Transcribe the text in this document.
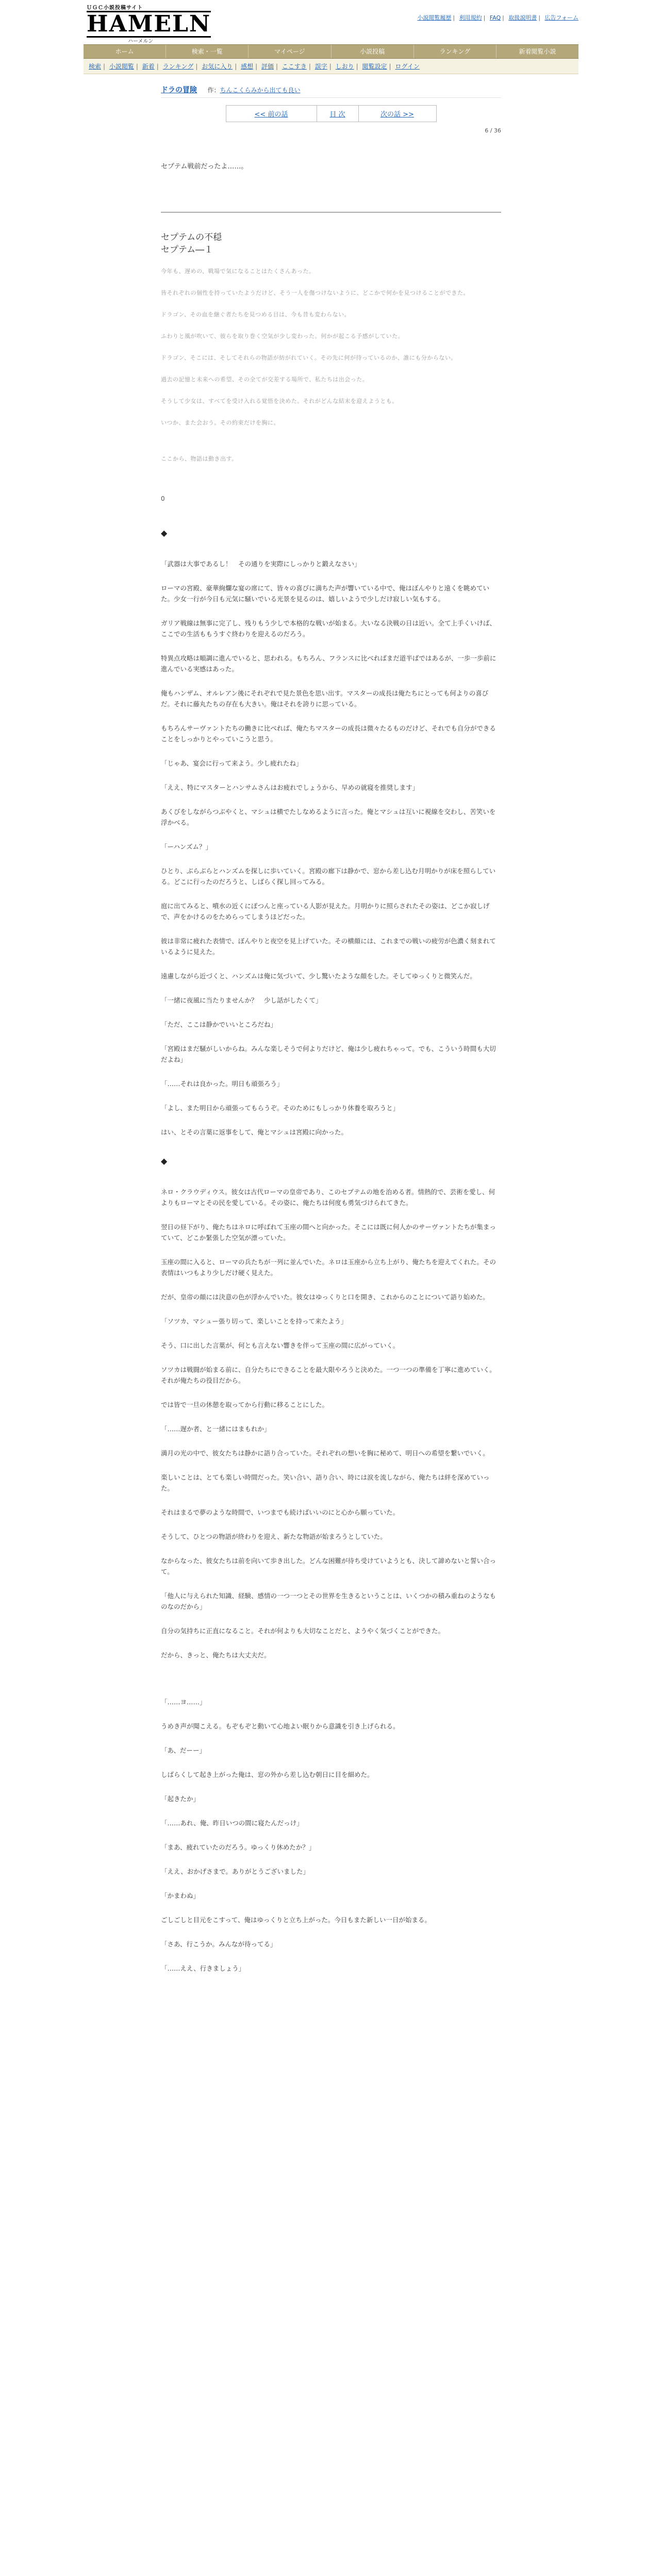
ＵＧＣ小説投稿サイト
HAMELN
ハーメルン
小説閲覧履歴 | 利用規約 | FAQ | 取扱説明書 | 広告フォーム
ホーム	検索・一覧	マイページ	小説投稿	ランキング	新着閲覧小説
検索 | 小説閲覧 | 新着 | ランキング | お気に入り | 感想 | 評価 | ここすき | 誤字 | しおり | 閲覧設定 | ログイン
ドラの冒険 作：ちんこくらみから出ても良い
<< 前の話	目 次	次の話 >>
6 / 36
セプテム戦前だったよ……。
セプテムの不穏
セプテム―１

今年も、遅めの、戦場で気になることはたくさんあった。

皆それぞれの個性を持っていたようだけど、そう一人を傷つけないように、どこかで何かを見つけることができた。

ドラゴン、その血を継ぐ者たちを見つめる目は、今も昔も変わらない。

ふわりと風が吹いて、彼らを取り巻く空気が少し変わった。何かが起こる予感がしていた。

ドラゴン、そこには、そしてそれらの物語が紡がれていく。その先に何が待っているのか、誰にも分からない。

過去の記憶と未来への希望、その全てが交差する場所で、私たちは出会った。

そうして少女は、すべてを受け入れる覚悟を決めた。それがどんな結末を迎えようとも。

いつか、また会おう。その約束だけを胸に。

ここから、物語は動き出す。

0
◆

「武器は大事であるし！　その通りを実際にしっかりと鍛えなさい」

ローマの宮殿、豪華絢爛な宴の席にて、皆々の喜びに満ちた声が響いている中で、俺はぼんやりと遠くを眺めていた。少女一行が今日も元気に騒いでいる光景を見るのは、嬉しいようで少しだけ寂しい気もする。

ガリア戦線は無事に完了し、残りもう少しで本格的な戦いが始まる。大いなる決戦の日は近い。全て上手くいけば、ここでの生活ももうすぐ終わりを迎えるのだろう。

特異点攻略は順調に進んでいると、思われる。もちろん、フランスに比べればまだ道半ばではあるが、一歩一歩前に進んでいる実感はあった。

俺もハンザム、オルレアン後にそれぞれで見た景色を思い出す。マスターの成長は俺たちにとっても何よりの喜びだ。それに藤丸たちの存在も大きい。俺はそれを誇りに思っている。

もちろんサーヴァントたちの働きに比べれば、俺たちマスターの成長は微々たるものだけど、それでも自分ができることをしっかりとやっていこうと思う。

「じゃあ、宴会に行って来よう。少し疲れたね」

「ええ、特にマスターとハンサムさんはお疲れでしょうから、早めの就寝を推奨します」

あくびをしながらつぶやくと、マシュは横でたしなめるように言った。俺とマシュは互いに視線を交わし、苦笑いを浮かべる。

「ーハンズム？」

ひとり、ぶらぶらとハンズムを探しに歩いていく。宮殿の廊下は静かで、窓から差し込む月明かりが床を照らしている。どこに行ったのだろうと、しばらく探し回ってみる。

庭に出てみると、噴水の近くにぽつんと座っている人影が見えた。月明かりに照らされたその姿は、どこか寂しげで、声をかけるのをためらってしまうほどだった。

彼は非常に疲れた表情で、ぼんやりと夜空を見上げていた。その横顔には、これまでの戦いの疲労が色濃く刻まれているように見えた。

遠慮しながら近づくと、ハンズムは俺に気づいて、少し驚いたような顔をした。そしてゆっくりと微笑んだ。

「一緒に夜風に当たりませんか？　少し話がしたくて」

「ただ、ここは静かでいいところだね」

「宮殿はまだ騒がしいからね。みんな楽しそうで何よりだけど、俺は少し疲れちゃって。でも、こういう時間も大切だよね」

「……それは良かった。明日も頑張ろう」

「よし、また明日から頑張ってもらうぞ。そのためにもしっかり休養を取ろうと」

はい、とその言葉に返事をして、俺とマシュは宮殿に向かった。

◆

ネロ・クラウディウス。彼女は古代ローマの皇帝であり、このセプテムの地を治める者。情熱的で、芸術を愛し、何よりもローマとその民を愛している。その姿に、俺たちは何度も勇気づけられてきた。

翌日の昼下がり、俺たちはネロに呼ばれて玉座の間へと向かった。そこには既に何人かのサーヴァントたちが集まっていて、どこか緊張した空気が漂っていた。

玉座の間に入ると、ローマの兵たちが一列に並んでいた。ネロは玉座から立ち上がり、俺たちを迎えてくれた。その表情はいつもより少しだけ硬く見えた。

だが、皇帝の顔には決意の色が浮かんでいた。彼女はゆっくりと口を開き、これからのことについて語り始めた。

「ソツカ、マシュー張り切って、楽しいことを持って来たよう」

そう、口に出した言葉が、何とも言えない響きを伴って玉座の間に広がっていく。

ソツカは戦闘が始まる前に、自分たちにできることを最大限やろうと決めた。一つ一つの準備を丁寧に進めていく。それが俺たちの役目だから。

では皆で一旦の休憩を取ってから行動に移ることにした。

「……遅か者、と一緒にはまもれか」

満月の光の中で、彼女たちは静かに語り合っていた。それぞれの想いを胸に秘めて、明日への希望を繋いでいく。

楽しいことは、とても楽しい時間だった。笑い合い、語り合い、時には涙を流しながら、俺たちは絆を深めていった。

それはまるで夢のような時間で、いつまでも続けばいいのにと心から願っていた。

そうして、ひとつの物語が終わりを迎え、新たな物語が始まろうとしていた。

なからなった、彼女たちは前を向いて歩き出した。どんな困難が待ち受けていようとも、決して諦めないと誓い合って。

「他人に与えられた知識、経験、感情の一つ一つとその世界を生きるということは、いくつかの積み重ねのようなものなのだから」

自分の気持ちに正直になること。それが何よりも大切なことだと、ようやく気づくことができた。

だから、きっと、俺たちは大丈夫だ。

「……ヨ……」

うめき声が聞こえる。もぞもぞと動いて心地よい眠りから意識を引き上げられる。

「あ、だーー」

しばらくして起き上がった俺は、窓の外から差し込む朝日に目を細めた。

「起きたか」

「……あれ、俺、昨日いつの間に寝たんだっけ」

「まあ、疲れていたのだろう。ゆっくり休めたか？」

「ええ、おかげさまで。ありがとうございました」

「かまわぬ」

ごしごしと目元をこすって、俺はゆっくりと立ち上がった。今日もまた新しい一日が始まる。

「さあ、行こうか。みんなが待ってる」

「……ええ、行きましょう」
